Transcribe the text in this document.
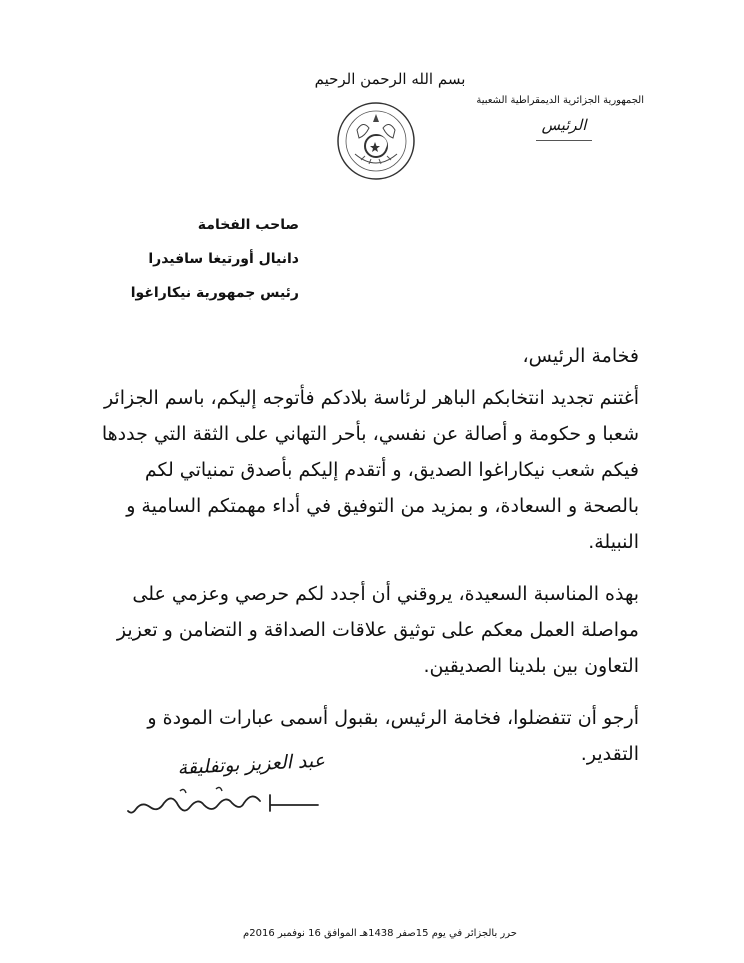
بسم الله الرحمن الرحيم
الجمهورية الجزائرية الديمقراطية الشعبية
الرئيس
صاحب الفخامة
دانيال أورتيغا سافيدرا
رئيس جمهورية نيكاراغوا
فخامة الرئيس،

أغتنم تجديد انتخابكم الباهر لرئاسة بلادكم فأتوجه إليكم، باسم الجزائر شعبا و حكومة و أصالة عن نفسي، بأحر التهاني على الثقة التي جددها فيكم شعب نيكاراغوا الصديق، و أتقدم إليكم بأصدق تمنياتي لكم بالصحة و السعادة، و بمزيد من التوفيق في أداء مهمتكم السامية و النبيلة.

بهذه المناسبة السعيدة، يروقني أن أجدد لكم حرصي وعزمي على مواصلة العمل معكم على توثيق علاقات الصداقة و التضامن و تعزيز التعاون بين بلدينا الصديقين.

أرجو أن تتفضلوا، فخامة الرئيس، بقبول أسمى عبارات المودة و التقدير.

عبد العزيز بوتفليقة
حرر بالجزائر في يوم 15صفر 1438هـ الموافق 16 نوفمبر 2016م
